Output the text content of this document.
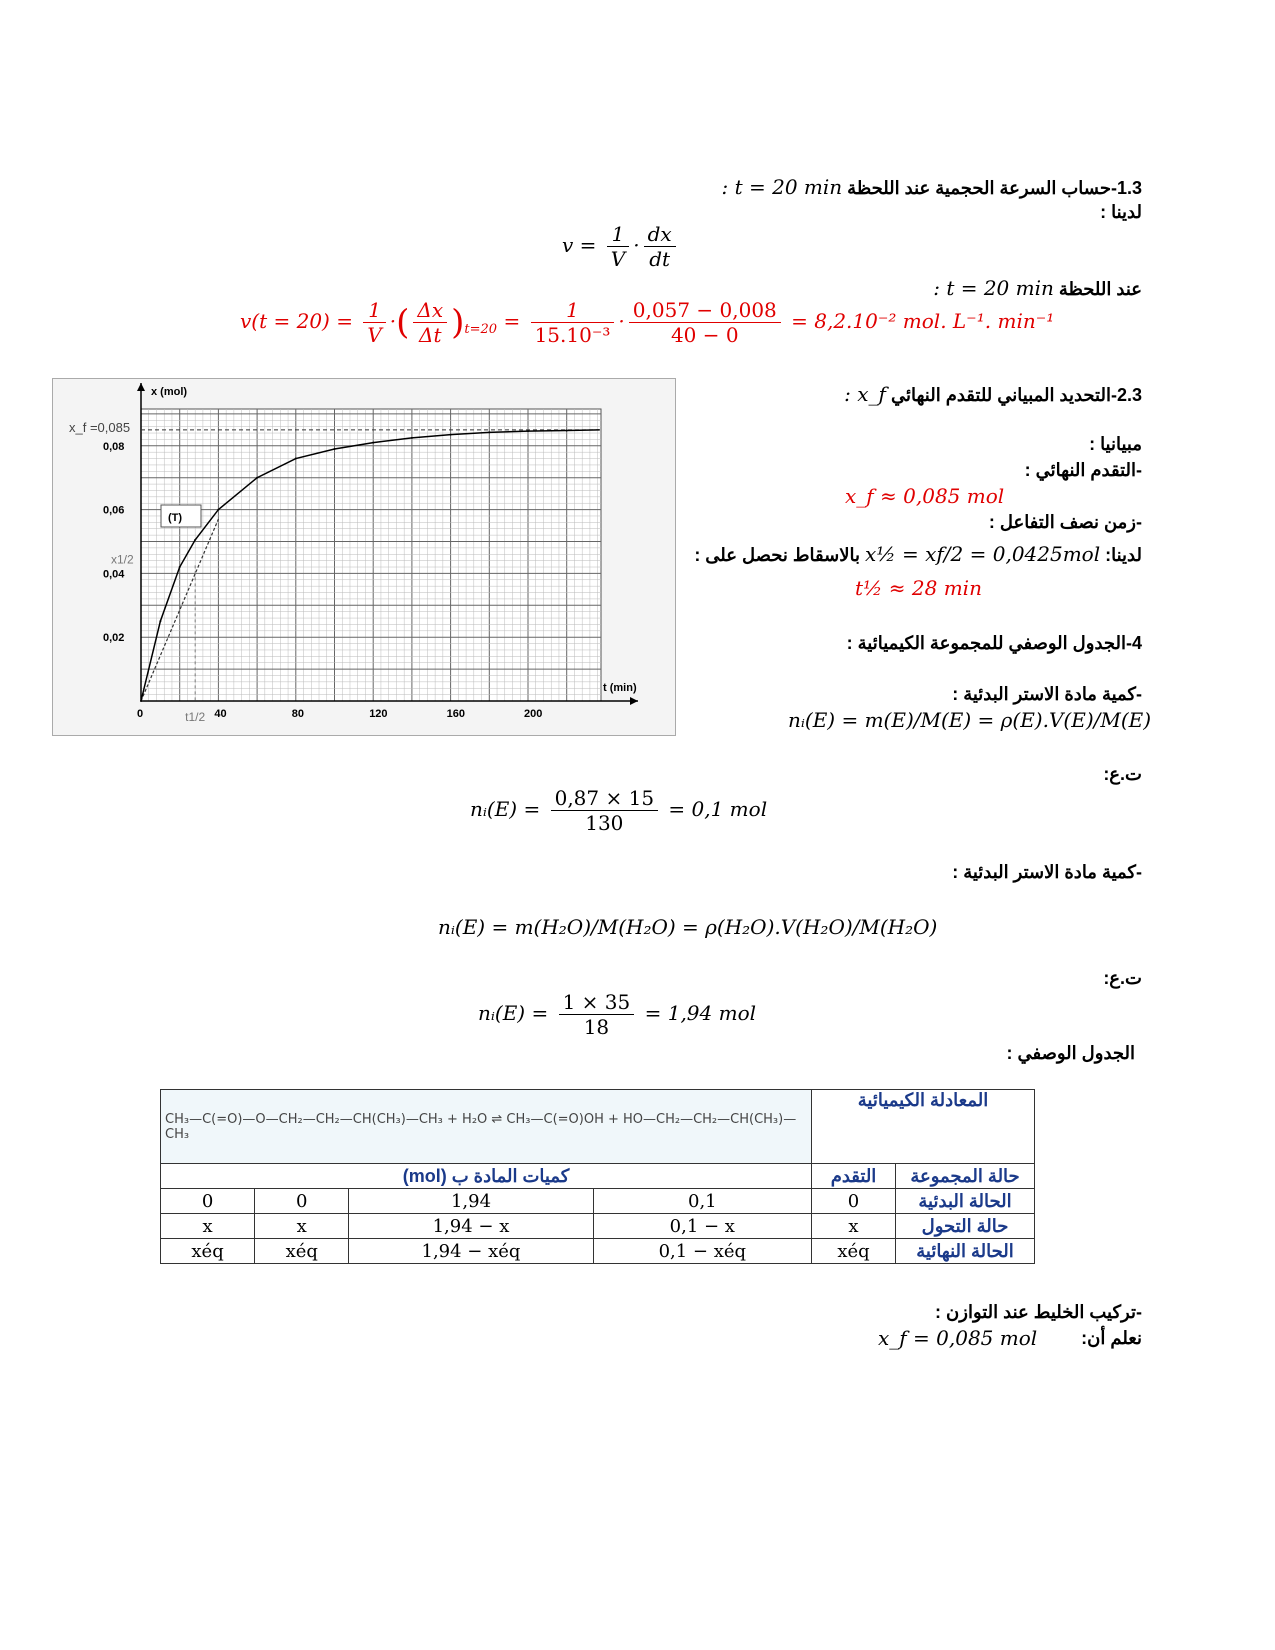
1.3-حساب السرعة الحجمية عند اللحظة t = 20 min :
لدينا :
$v = \frac{1}{V} \cdot \frac{dx}{dt}$
عند اللحظة t = 20 min :
$v(t = 20) = \frac{1}{V}$ ·( $\frac{\Delta x}{\Delta t} )_{t=20} = \frac{1}{\text{15.10⁻³}} \cdot \frac{0,057 - 0,008}{40 - 0} = 8,2.10^{-2}$ mol. L⁻¹. min⁻¹
0	40	80	120	160	200
0,02
0,04
0,06
0,08
x (mol)
t (min)
x_f =0,085
x1/2
t1/2
(T)
2.3-التحديد المبياني للتقدم النهائي x_f :
مبيانيا :
-التقدم النهائي :
x_f ≈ 0,085 mol
-زمن نصف التفاعل :
لدينا: x½ = xf/2 = 0,0425mol بالاسقاط نحصل على :
t½ ≈ 28 min
4-الجدول الوصفي للمجموعة الكيميائية :
-كمية مادة الاستر البدئية :
nᵢ(E) = m(E)/M(E) = ρ(E).V(E)/M(E)
ت.ع:
nᵢ(E) = $\frac{0,87 \times 15}{130} = 0,1$ mol
-كمية مادة الاستر البدئية :
nᵢ(E) = m(H₂O)/M(H₂O) = ρ(H₂O).V(H₂O)/M(H₂O)
ت.ع:
nᵢ(E) = $\frac{1 \times 35}{18} = 1,94$ mol
الجدول الوصفي :
CH₃—C(=O)—O—CH₂—CH₂—CH(CH₃)—CH₃ + H₂O ⇌ CH₃—C(=O)OH + HO—CH₂—CH₂—CH(CH₃)—CH₃				المعادلة الكيميائية	
كميات المادة ب (mol)				التقدم	حالة المجموعة
0	0	1,94	0,1	0	الحالة البدئية
x	x	1,94 − x	0,1 − x	x	حالة التحول
xéq	xéq	1,94 − xéq	0,1 − xéq	xéq	الحالة النهائية
-تركيب الخليط عند التوازن :
نعلم أن:
x_f = 0,085 mol
